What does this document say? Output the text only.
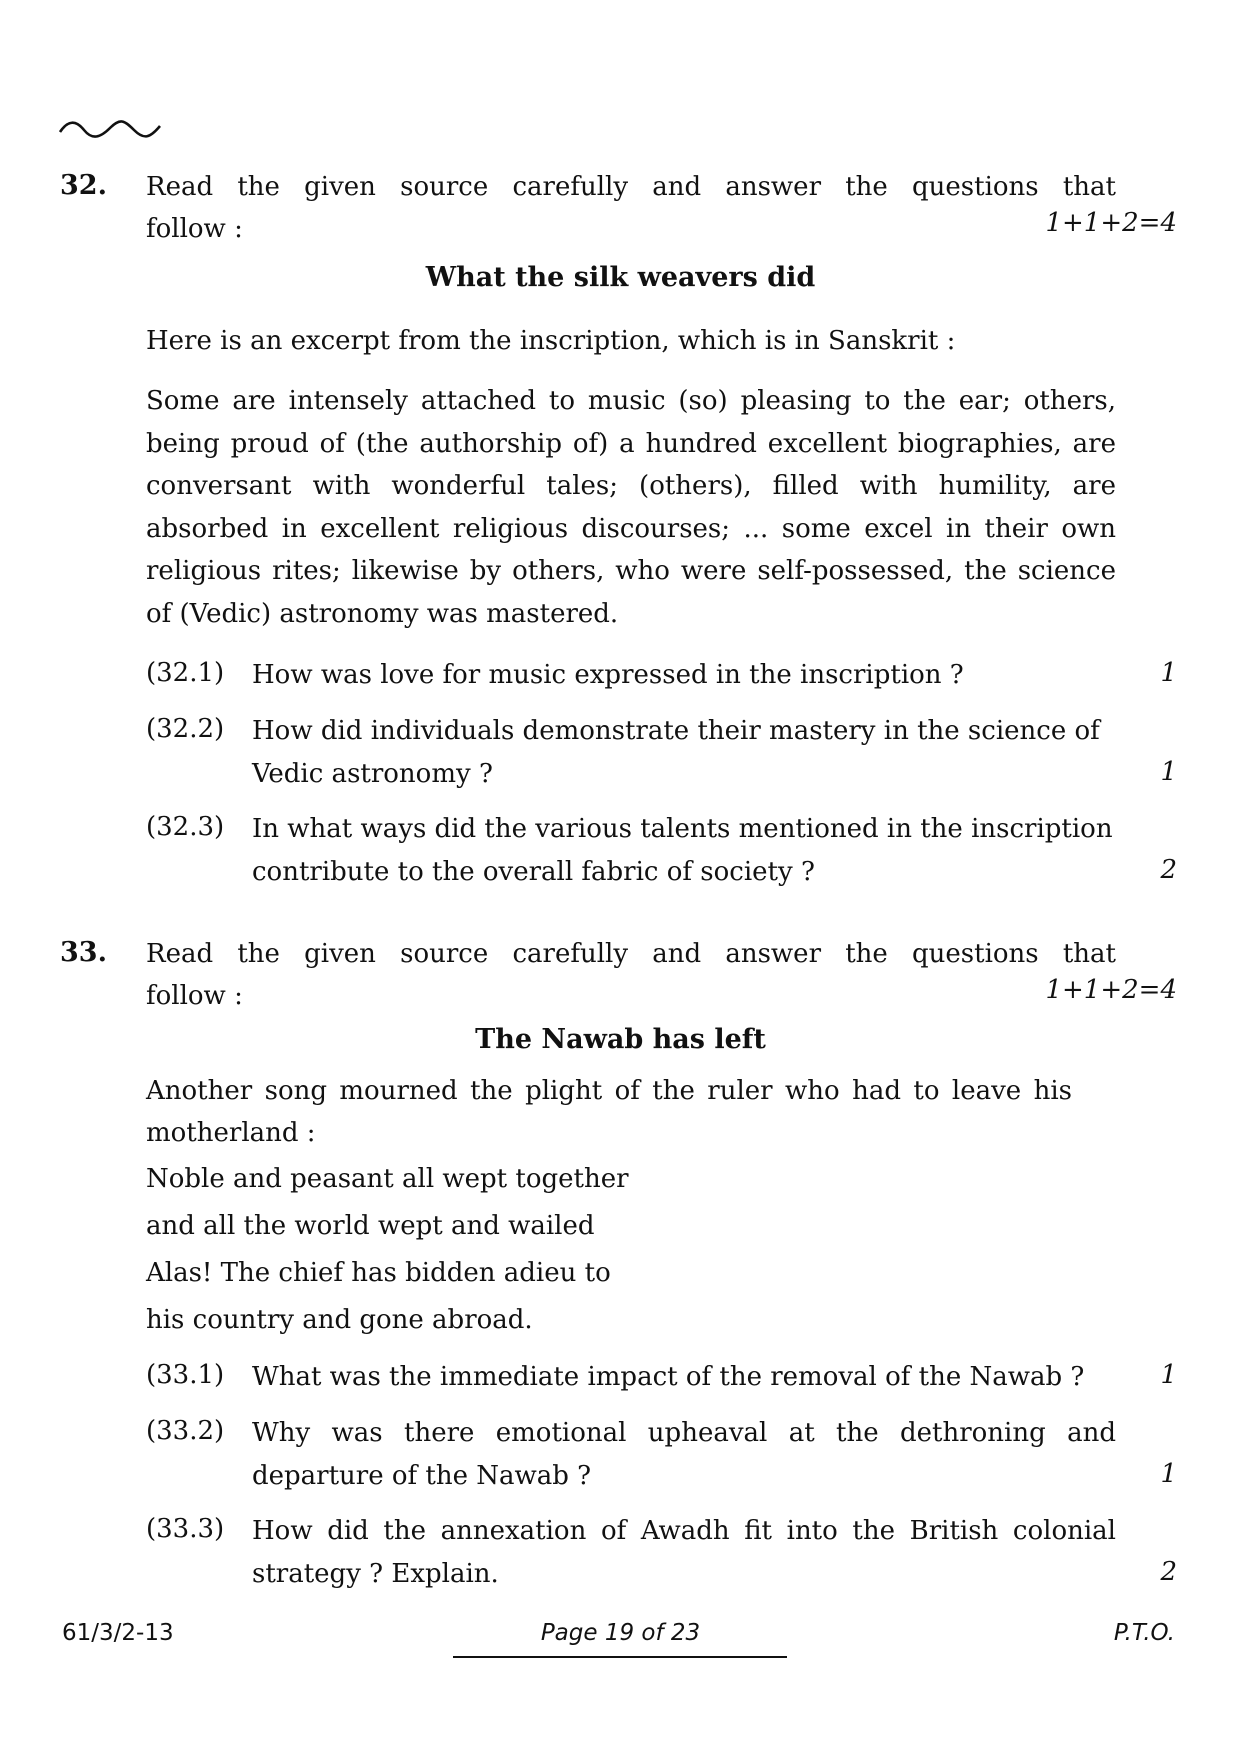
32. Read the given source carefully and answer the questions that
follow :	1+1+2=4
What the silk weavers did
Here is an excerpt from the inscription, which is in Sanskrit :
Some are intensely attached to music (so) pleasing to the ear; others, being proud of (the authorship of) a hundred excellent biographies, are conversant with wonderful tales; (others), filled with humility, are absorbed in excellent religious discourses; ... some excel in their own religious rites; likewise by others, who were self-possessed, the science of (Vedic) astronomy was mastered.
(32.1) How was love for music expressed in the inscription ?	1
(32.2) How did individuals demonstrate their mastery in the science of
Vedic astronomy ?	1
(32.3) In what ways did the various talents mentioned in the inscription
contribute to the overall fabric of society ?	2
33. Read the given source carefully and answer the questions that
follow :	1+1+2=4
The Nawab has left
Another song mourned the plight of the ruler who had to leave his
motherland :
Noble and peasant all wept together
and all the world wept and wailed
Alas! The chief has bidden adieu to
his country and gone abroad.
(33.1) What was the immediate impact of the removal of the Nawab ?	1
(33.2) Why was there emotional upheaval at the dethroning and
departure of the Nawab ?	1
(33.3) How did the annexation of Awadh fit into the British colonial
strategy ? Explain.	2
61/3/2-13	Page 19 of 23	P.T.O.
